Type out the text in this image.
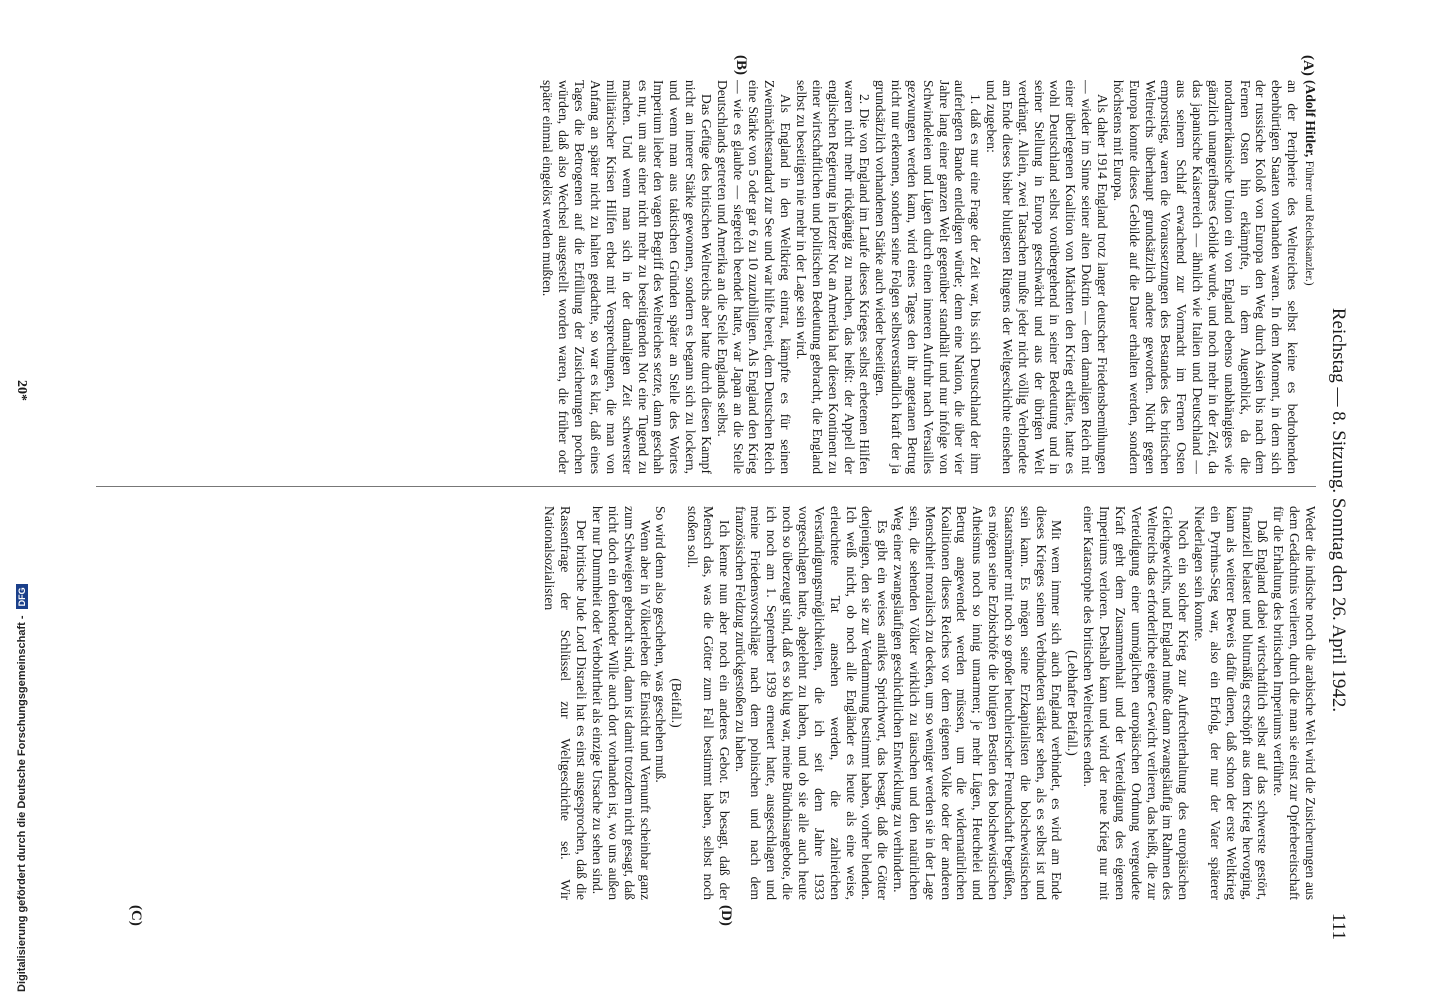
Reichstag — 8. Sitzung. Sonntag den 26. April 1942.
111
(A)
(B)
(C)	(D)

(Adolf Hitler, Führer und Reichskanzler.)

an der Peripherie des Weltreiches selbst keine es bedrohenden ebenbürtigen Staaten vorhanden waren. In dem Moment, in dem sich der russische Koloß von Europa den Weg durch Asien bis nach dem Fernen Osten hin erkämpfte, in dem Augenblick, da die nordamerikanische Union ein von England ebenso unabhängiges wie gänzlich unangreifbares Gebilde wurde, und noch mehr in der Zeit, da das japanische Kaiserreich — ähnlich wie Italien und Deutschland — aus seinem Schlaf erwachend zur Vormacht im Fernen Osten emporstieg, waren die Voraussetzungen des Bestandes des britischen Weltreichs überhaupt grundsätzlich andere geworden. Nicht gegen Europa konnte dieses Gebilde auf die Dauer erhalten werden, sondern höchstens mit Europa.

Als daher 1914 England trotz langer deutscher Friedensbemühungen — wieder im Sinne seiner alten Doktrin — dem damaligen Reich mit einer überlegenen Koalition von Mächten den Krieg erklärte, hatte es wohl Deutschland selbst vorübergehend in seiner Bedeutung und in seiner Stellung in Europa geschwächt und aus der übrigen Welt verdrängt. Allein, zwei Tatsachen mußte jeder nicht völlig Verblendete am Ende dieses bisher blutigsten Ringens der Weltgeschichte einsehen und zugeben:

1. daß es nur eine Frage der Zeit war, bis sich Deutschland der ihm auferlegten Bande entledigen würde; denn eine Nation, die über vier Jahre lang einer ganzen Welt gegenüber standhält und nur infolge von Schwindeleien und Lügen durch einen inneren Aufruhr nach Versailles gezwungen werden kann, wird eines Tages den ihr angetanen Betrug nicht nur erkennen, sondern seine Folgen selbstverständlich kraft der ja grundsätzlich vorhandenen Stärke auch wieder beseitigen.

2. Die von England im Laufe dieses Krieges selbst erbetenen Hilfen waren nicht mehr rückgängig zu machen, das heißt: der Appell der englischen Regierung in letzter Not an Amerika hat diesen Kontinent zu einer wirtschaftlichen und politischen Bedeutung gebracht, die England selbst zu beseitigen nie mehr in der Lage sein wird.

Als England in den Weltkrieg eintrat, kämpfte es für seinen Zweimächtestandard zur See und war hilfe bereit, dem Deutschen Reich eine Stärke von 5 oder gar 6 zu 10 zuzubilligen. Als England den Krieg — wie es glaubte — siegreich beendet hatte, war Japan an die Stelle Deutschlands getreten und Amerika an die Stelle Englands selbst.

Das Gefüge des britischen Weltreichs aber hatte durch diesen Kampf nicht an innerer Stärke gewonnen, sondern es begann sich zu lockern, und wenn man aus taktischen Gründen später an Stelle des Wortes Imperium lieber den vagen Begriff des Weltreiches setzte, dann geschah es nur, um aus einer nicht mehr zu beseitigenden Not eine Tugend zu machen. Und wenn man sich in der damaligen Zeit schwerster militärischer Krisen Hilfen erbat mit Versprechungen, die man von Anfang an später nicht zu halten gedachte, so war es klar, daß eines Tages die Betrogenen auf die Erfüllung der Zusicherungen pochen würden, daß also Wechsel ausgestellt worden waren, die früher oder später einmal eingelöst werden mußten.

Weder die indische noch die arabische Welt wird die Zusicherungen aus dem Gedächtnis verlieren, durch die man sie einst zur Opferbereitschaft für die Erhaltung des britischen Imperiums verführte.

Daß England dabei wirtschaftlich selbst auf das schwerste gestört, finanziell belastet und blutmäßig erschöpft aus dem Krieg hervorging, kann als weiterer Beweis dafür dienen, daß schon der erste Weltkrieg ein Pyrrhus-Sieg war, also ein Erfolg, der nur der Vater späterer Niederlagen sein konnte.

Noch ein solcher Krieg zur Aufrechterhaltung des europäischen Gleichgewichts, und England mußte dann zwangsläufig im Rahmen des Weltreichs das erforderliche eigene Gewicht verlieren, das heißt, die zur Verteidigung einer unmöglichen europäischen Ordnung vergeudete Kraft geht dem Zusammenhalt und der Verteidigung des eigenen Imperiums verloren. Deshalb kann und wird der neue Krieg nur mit einer Katastrophe des britischen Weltreiches enden.

(Lebhafter Beifall.)

Mit wem immer sich auch England verbindet, es wird am Ende dieses Krieges seinen Verbündeten stärker sehen, als es selbst ist und sein kann. Es mögen seine Erzkapitalisten die bolschewistischen Staatsmänner mit noch so großer heuchlerischer Freundschaft begrüßen, es mögen seine Erzbischöfe die blutigen Bestien des bolschewistischen Atheismus noch so innig umarmen; je mehr Lügen, Heuchelei und Betrug angewendet werden müssen, um die widernatürlichen Koalitionen dieses Reiches vor dem eigenen Volke oder der anderen Menschheit moralisch zu decken, um so weniger werden sie in der Lage sein, die sehenden Völker wirklich zu täuschen und den natürlichen Weg einer zwangsläufigen geschichtlichen Entwicklung zu verhindern.

Es gibt ein weises antikes Sprichwort, das besagt, daß die Götter denjenigen, den sie zur Verdammung bestimmt haben, vorher blenden. Ich weiß nicht, ob noch alle Engländer es heute als eine weise, erleuchtete Tat ansehen werden, die zahlreichen Verständigungsmöglichkeiten, die ich seit dem Jahre 1933 vorgeschlagen hatte, abgelehnt zu haben, und ob sie alle auch heute noch so überzeugt sind, daß es so klug war, meine Bündnisangebote, die ich noch am 1. September 1939 erneuert hatte, ausgeschlagen und meine Friedensvorschläge nach dem polnischen und nach dem französischen Feldzug zurückgestoßen zu haben.

Ich kenne nun aber noch ein anderes Gebot. Es besagt, daß der Mensch das, was die Götter zum Fall bestimmt haben, selbst noch stoßen soll.

(Beifall.)

So wird denn also geschehen, was geschehen muß.

Wenn aber in Völkerleben die Einsicht und Vernunft scheinbar ganz zum Schweigen gebracht sind, dann ist damit trotzdem nicht gesagt, daß nicht doch ein denkender Wille auch dort vorhanden ist, wo uns außen her nur Dummheit oder Verbohrtheit als einzige Ursache zu sehen sind.

Der britische Jude Lord Disraeli hat es einst ausgesprochen, daß die Rassenfrage der Schlüssel zur Weltgeschichte sei. Wir Nationalsozialisten

20*
Digitalisierung gefördert durch die Deutsche Forschungsgemeinschaft - DFG
